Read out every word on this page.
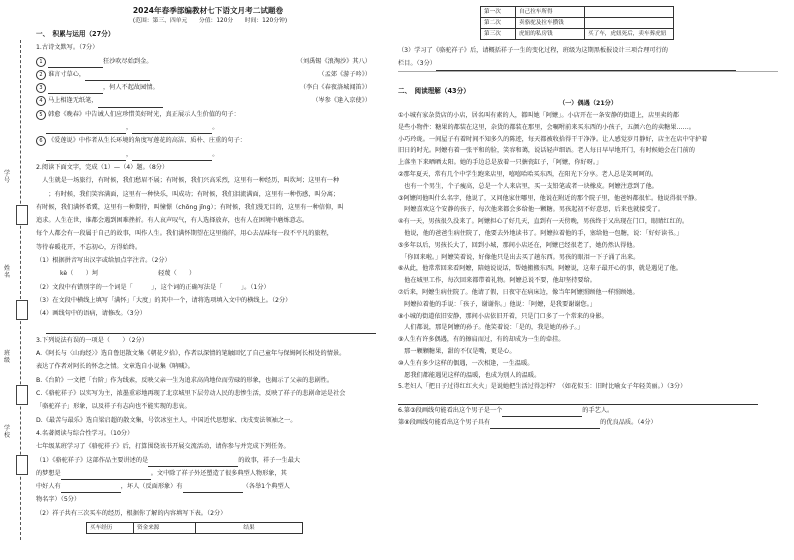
学号
姓名
班级
学校
2024年春季部编教材七下语文月考二试题卷
(范围：第三、四单元　　分值：120分　　时间：120分钟)

一、　积累与运用（27分）

1.古诗文默写。（7分）

1	狂沙吹尽始到金。	（刘禹锡《浪淘沙》其八）

2 谁言寸草心，	（孟郊《游子吟》）

3	，何人不起故园情。	（李白《春夜洛城闻笛》）

4 马上相逢无纸笔，	（岑参《逢入京使》）

5 韩愈《晚春》中告诫人们应珍惜美好时光，真正展示人生价值的句子：

，	。

6 《爱莲说》中作者从生长环境的角度写莲花的高洁、质朴、庄重的句子：

，	。

2.阅读下面文字，完成（1）—（4）题。（8分）

　人生就是一场旅行，有时候，我们愁眉不展；有时候，我们兴高采烈，这里有一种经历，叫坎坷；这里有一种

　　；有时候，我们笑容满面，这里有一种快乐，叫成功；有时候，我们泪流满面，这里有一种伤感，叫分离；

有时候，我们满怀希冀，这里有一种期待，叫憧憬（chōng jǐng）；有时候，我们漫无目的，这里有一种信仰，叫

追求。人生在世，谁都会遇到困难挫折。有人哀声叹气，有人选择放弃，也有人在困境中磨炼意志。

每个人都会有一段属于自己的故事，叫作人生。我们满怀期望在这里徜徉，用心去品味每一段不平凡的旅程，

等待春暖花开，不忘初心，方得始终。

（1）根据拼音写出汉字或给加点字注音。（2分）

kè（　　）坷	轻蔑（　　）

（2）文段中有错别字的一个词是「　　　」，这个词的正确写法是「　　　」。（1分）

（3）在文段中横线上填写「满怀」「大度」的其中一个，请将选项填入文中的横线上。（2分）

（4）画线句中的语病，请修改。（3分）

3.下列说法有误的一项是（　　）（2分）

A.《阿长与〈山海经〉》选自鲁迅散文集《朝花夕拾》，作者以深情的笔触回忆了自己童年与保姆阿长相处的情景。

表达了作者对阿长的怀念之情。文章选自小说集《呐喊》。

B.《台阶》一文把「台阶」作为线索，反映父亲一生为追求高尚地位而劳碌的形象，也揭示了父亲的悲剧性。

C.《骆驼祥子》以实写为主，浓墨重彩地再现了北京城里下层劳动人民的悲惨生活，反映了祥子的悲剧命运是社会

「骆驼祥子」形象，以及祥子有志向也不能实现的悲哀。

D.《最苦与最乐》选自梁启超的散文集，号饮冰室主人，中国近代思想家、戊戌变法领袖之一。

4.名著阅读与综合性学习。（10分）

七年级某班学习了《骆驼祥子》后，打算围绕该书开展交流活动，请你参与并完成下列任务。

（1）《骆驼祥子》这部作品主要讲述的是	的故事，祥子一生最大

的梦想是	。文中除了祥子外还塑造了很多典型人物形象，其

中好人有	，坏人（反面形象）有	（各举1个典型人

物名字）（5分）

（2）祥子共有三次买车的经历，根据你了解的内容填写下表。（2分）

买车经历	资金来源	结果
第一次	自己拉车所得	
第二次	卖骆驼及拉车攒钱	
第三次	虎妞的私房钱	买了车，虎妞死后，卖车葬虎妞

（3）学习了《骆驼祥子》后，请概括祥子一生的变化过程，班级为这期黑板报设计三项合理可行的

栏目。（3分）

二、　阅读理解（43分）

（一）偶遇（21分）

①小城有家杂货店的小店，居名叫有素的人，都叫她「阿嬷」。小店开在一条安静的街道上，店里卖的都

是些小物件：糖果的都装在这里，杂货的都装在那里，会嘱咐前来买东西的小孩子，五颜六色的卖糖果……。

小巧玲珑。一间屋子有着时间不知多久的陈迹，每天都被收拾得干干净净。让人感觉岁月静好，店主在店中守护着

旧日的时光。阿嬷有着一张平和的脸，笑容和蔼，说话轻声细语。老人每日早早地开门，有时候她会在门前的

上落坐下来晒晒太阳。她的手边总是放着一只搪瓷缸子，「阿嬷，你好呀。」

②那年夏天，常有几个中学生跑来店里，嘻嘻哈哈买东西，在阳光下分享。老人总是笑呵呵的。

　也有一个男生，个子瘦高，总是一个人来店里，买一支铅笔或者一块橡皮。阿嬷注意到了他。

③阿嬷问他叫什么名字，他说了，又问他家住哪里，他说在附近的那个院子里，他爸妈都很忙。他说得很平静。

　阿嬷喜欢这个安静的孩子，每次他来都会多给他一颗糖。男孩起初不好意思，后来也就接受了。

④有一天，男孩很久没来了。阿嬷担心了好几天，直到有一天傍晚，男孩终于又出现在门口，眼睛红红的。

　他说，他的爸爸生病住院了，他要去外地读书了。阿嬷拉着他的手，塞给他一包糖，说：「好好读书。」

⑤多年以后，男孩长大了，回到小城，那间小店还在，阿嬷已经很老了，她仍然认得他。

　「你回来啦。」阿嬷笑着说，好像他只是出去买了趟东西。男孩的眼泪一下子涌了出来。

⑥从此，他常常回来看阿嬷，陪她说说话，帮她搬搬东西。阿嬷说，这辈子最开心的事，就是遇见了他。

　他在城里工作，每次回来都带着礼物。阿嬷总说不要，他却坚持要给。

⑦后来，阿嬷生病住院了。他请了假，日夜守在病床边，像当年阿嬷照顾他一样照顾她。

　阿嬷拉着他的手说：「孩子，谢谢你。」他说：「阿嬷，是我要谢谢您。」

⑧小城的街道依旧安静，那间小店依旧开着，只是门口多了一个常来的身影。

　人们都说，那是阿嬷的孙子。他笑着说：「是的，我是她的孙子。」

⑨人生有许多偶遇，有的擦肩而过，有的却成为一生的牵挂。

　那一颗颗糖果，甜的不仅是嘴，更是心。

⑩人生有多少这样的偶遇，一次相逢，一生温暖。

　愿我们都能遇见这样的温暖，也成为别人的温暖。

5.老妇人「把日子过得红红火火」是说她把生活过得怎样？（如花似玉：旧时比喻女子年轻美丽。）（3分）

6.第③段画线句能看出这个男子是一个	的手艺人。

第⑧段画线句能看出这个男子具有	的优良品质。（4分）
